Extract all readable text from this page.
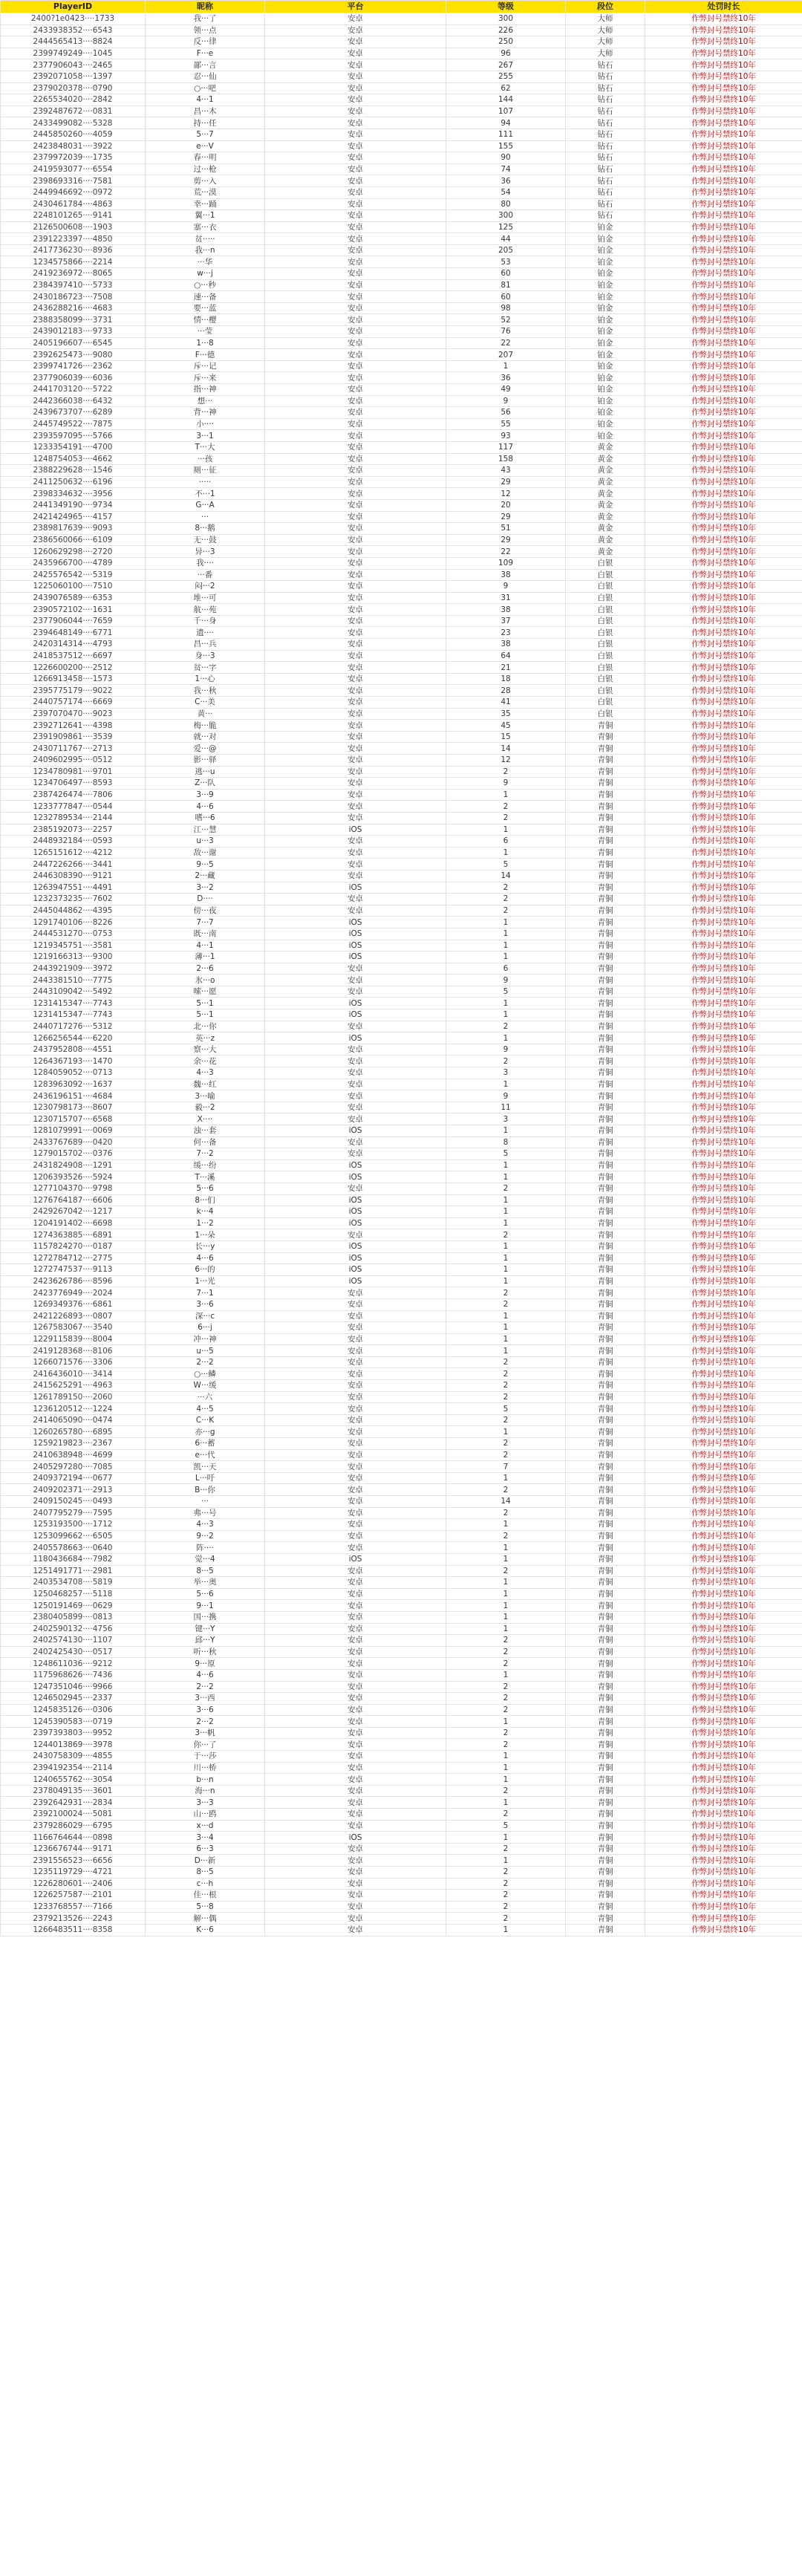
PlayerID	昵称	平台	等级	段位	处罚时长
2400?1e0423····1733	我···了	安卓	300	大师	作弊封号禁终10年
2433938352····6543	领···点	安卓	226	大师	作弊封号禁终10年
2444565413····8824	反···律	安卓	250	大师	作弊封号禁终10年
2399749249····1045	F···e	安卓	96	大师	作弊封号禁终10年
2377906043····2465	鄙···言	安卓	267	钻石	作弊封号禁终10年
2392071058····1397	忍···仙	安卓	255	钻石	作弊封号禁终10年
2379020378····0790	○···吧	安卓	62	钻石	作弊封号禁终10年
2265534020····2842	4···1	安卓	144	钻石	作弊封号禁终10年
2392487672····0831	昌···木	安卓	107	钻石	作弊封号禁终10年
2433499082····5328	持···任	安卓	94	钻石	作弊封号禁终10年
2445850260····4059	5···7	安卓	111	钻石	作弊封号禁终10年
2423848031····3922	e···V	安卓	155	钻石	作弊封号禁终10年
2379972039····1735	春···明	安卓	90	钻石	作弊封号禁终10年
2419593077····6554	过···枪	安卓	74	钻石	作弊封号禁终10年
2398693316····7581	剪···入	安卓	36	钻石	作弊封号禁终10年
2449946692····0972	荒···漠	安卓	54	钻石	作弊封号禁终10年
2430461784····4863	幸···踊	安卓	80	钻石	作弊封号禁终10年
2248101265····9141	翼···1	安卓	300	钻石	作弊封号禁终10年
2126500608····1903	塞···衣	安卓	125	铂金	作弊封号禁终10年
2391223397····4850	贫·····	安卓	44	铂金	作弊封号禁终10年
2417736230····8936	我···n	安卓	205	铂金	作弊封号禁终10年
1234575866····2214	···华	安卓	53	铂金	作弊封号禁终10年
2419236972····8065	w···j	安卓	60	铂金	作弊封号禁终10年
2384397410····5733	○···秒	安卓	81	铂金	作弊封号禁终10年
2430186723····7508	速···备	安卓	60	铂金	作弊封号禁终10年
2436288216····4683	要···蓝	安卓	98	铂金	作弊封号禁终10年
2388358099····3731	情···樱	安卓	52	铂金	作弊封号禁终10年
2439012183····9733	···莹	安卓	76	铂金	作弊封号禁终10年
2405196607····6545	1···8	安卓	22	铂金	作弊封号禁终10年
2392625473····9080	F···德	安卓	207	铂金	作弊封号禁终10年
2399741726····2362	斥···记	安卓	1	铂金	作弊封号禁终10年
2377906039····6036	斥···来	安卓	36	铂金	作弊封号禁终10年
2441703120····5722	指···神	安卓	49	铂金	作弊封号禁终10年
2442366038····6432	想···	安卓	9	铂金	作弊封号禁终10年
2439673707····6289	背···神	安卓	56	铂金	作弊封号禁终10年
2445749522····7875	小····	安卓	55	铂金	作弊封号禁终10年
2393597095····5766	3···1	安卓	93	铂金	作弊封号禁终10年
1233354191····4700	T···大	安卓	117	黄金	作弊封号禁终10年
1248754053····4662	···孩	安卓	158	黄金	作弊封号禁终10年
2388229628····1546	厕···征	安卓	43	黄金	作弊封号禁终10年
2411250632····6196	·····	安卓	29	黄金	作弊封号禁终10年
2398334632····3956	不···1	安卓	12	黄金	作弊封号禁终10年
2441349190····9734	G···A	安卓	20	黄金	作弊封号禁终10年
2421424965····4157	···	安卓	29	黄金	作弊封号禁终10年
2389817639····9093	8···鹅	安卓	51	黄金	作弊封号禁终10年
2386560066····6109	无···鼓	安卓	29	黄金	作弊封号禁终10年
1260629298····2720	异···3	安卓	22	黄金	作弊封号禁终10年
2435966700····4789	我····	安卓	109	白银	作弊封号禁终10年
2425576542····5319	···番	安卓	38	白银	作弊封号禁终10年
1225060100····7510	闷···2	安卓	9	白银	作弊封号禁终10年
2439076589····6353	堆···可	安卓	31	白银	作弊封号禁终10年
2390572102····1631	航···苑	安卓	38	白银	作弊封号禁终10年
2377906044····7659	千···身	安卓	37	白银	作弊封号禁终10年
2394648149····6771	遗····	安卓	23	白银	作弊封号禁终10年
2420314314····4793	昌···兵	安卓	38	白银	作弊封号禁终10年
2418537512····6697	身···3	安卓	64	白银	作弊封号禁终10年
1226600200····2512	贫···字	安卓	21	白银	作弊封号禁终10年
1266913458····1573	1···心	安卓	18	白银	作弊封号禁终10年
2395775179····9022	我···秋	安卓	28	白银	作弊封号禁终10年
2440757174····6669	C···美	安卓	41	白银	作弊封号禁终10年
2397070470····9023	黄···	安卓	35	白银	作弊封号禁终10年
2392712641····4398	梅···脆	安卓	45	青铜	作弊封号禁终10年
2391909861····3539	就···对	安卓	15	青铜	作弊封号禁终10年
2430711767····2713	爱···@	安卓	14	青铜	作弊封号禁终10年
2409602995····0512	影···驿	安卓	12	青铜	作弊封号禁终10年
1234780981····9701	逃···u	安卓	2	青铜	作弊封号禁终10年
1234706497····8593	Z···队	安卓	9	青铜	作弊封号禁终10年
2387426474····7806	3···9	安卓	1	青铜	作弊封号禁终10年
1233777847····0544	4···6	安卓	2	青铜	作弊封号禁终10年
1232789534····2144	嗜···6	安卓	2	青铜	作弊封号禁终10年
2385192073····2257	江···慧	iOS	1	青铜	作弊封号禁终10年
2448932184····0593	u···3	安卓	6	青铜	作弊封号禁终10年
1265151612····4212	敌···谢	安卓	1	青铜	作弊封号禁终10年
2447226266····3441	9···5	安卓	5	青铜	作弊封号禁终10年
2446308390····9121	2···藏	安卓	14	青铜	作弊封号禁终10年
1263947551····4491	3···2	iOS	2	青铜	作弊封号禁终10年
1232373235····7602	D····	安卓	2	青铜	作弊封号禁终10年
2445044862····4395	傍···夜	安卓	2	青铜	作弊封号禁终10年
1291740106····8226	7···7	iOS	1	青铜	作弊封号禁终10年
2444531270····0753	既···南	iOS	1	青铜	作弊封号禁终10年
1219345751····3581	4···1	iOS	1	青铜	作弊封号禁终10年
1219166313····9300	薄···1	iOS	1	青铜	作弊封号禁终10年
2443921909····3972	2···6	安卓	6	青铜	作弊封号禁终10年
2443381510····7775	氷···o	安卓	9	青铜	作弊封号禁终10年
2443109042····5492	嗦···愿	安卓	5	青铜	作弊封号禁终10年
1231415347····7743	5···1	iOS	1	青铜	作弊封号禁终10年
1231415347····7743	5···1	iOS	1	青铜	作弊封号禁终10年
2440717276····5312	北···你	安卓	2	青铜	作弊封号禁终10年
1266256544····6220	英···z	iOS	1	青铜	作弊封号禁终10年
2437952808····4551	察···大	安卓	9	青铜	作弊封号禁终10年
1264367193····1470	余···花	安卓	2	青铜	作弊封号禁终10年
1284059052····0713	4···3	安卓	3	青铜	作弊封号禁终10年
1283963092····1637	魏···红	安卓	1	青铜	作弊封号禁终10年
2436196151····4684	3···喻	安卓	9	青铜	作弊封号禁终10年
1230798173····8607	毅···2	安卓	11	青铜	作弊封号禁终10年
1230715707····6568	X····	安卓	3	青铜	作弊封号禁终10年
1281079991····0069	浊···套	iOS	1	青铜	作弊封号禁终10年
2433767689····0420	何···备	安卓	8	青铜	作弊封号禁终10年
1279015702····0376	7···2	安卓	5	青铜	作弊封号禁终10年
2431824908····1291	缓···纷	iOS	1	青铜	作弊封号禁终10年
1206393526····5924	T···溪	iOS	1	青铜	作弊封号禁终10年
1277104370····9798	5···6	安卓	2	青铜	作弊封号禁终10年
1276764187····6606	8···们	iOS	1	青铜	作弊封号禁终10年
2429267042····1217	k···4	iOS	1	青铜	作弊封号禁终10年
1204191402····6698	1···2	iOS	1	青铜	作弊封号禁终10年
1274363885····6891	1···朵	安卓	2	青铜	作弊封号禁终10年
1157824270····0187	长···y	iOS	1	青铜	作弊封号禁终10年
1272784712····2775	4···6	iOS	1	青铜	作弊封号禁终10年
1272747537····9113	6···的	iOS	1	青铜	作弊封号禁终10年
2423626786····8596	1···光	iOS	1	青铜	作弊封号禁终10年
2423776949····2024	7···1	安卓	2	青铜	作弊封号禁终10年
1269349376····6861	3···6	安卓	2	青铜	作弊封号禁终10年
2421226893····0807	深···c	安卓	1	青铜	作弊封号禁终10年
1267583067····3540	6···j	安卓	1	青铜	作弊封号禁终10年
1229115839····8004	冲···神	安卓	1	青铜	作弊封号禁终10年
2419128368····8106	u···5	安卓	1	青铜	作弊封号禁终10年
1266071576····3306	2···2	安卓	2	青铜	作弊封号禁终10年
2416436010····3414	○···鳞	安卓	2	青铜	作弊封号禁终10年
2415625291····4963	W···缓	安卓	2	青铜	作弊封号禁终10年
1261789150····2060	···六	安卓	2	青铜	作弊封号禁终10年
1236120512····1224	4···5	安卓	5	青铜	作弊封号禁终10年
2414065090····0474	C···K	安卓	2	青铜	作弊封号禁终10年
1260265780····6895	亦···g	安卓	1	青铜	作弊封号禁终10年
1259219823····2367	6···蓄	安卓	2	青铜	作弊封号禁终10年
2410638948····4699	e···代	安卓	2	青铜	作弊封号禁终10年
2405297280····7085	凯···天	安卓	7	青铜	作弊封号禁终10年
2409372194····0677	L···吁	安卓	1	青铜	作弊封号禁终10年
2409202371····2913	B···你	安卓	2	青铜	作弊封号禁终10年
2409150245····0493	···	安卓	14	青铜	作弊封号禁终10年
2407795279····7595	弗···号	安卓	2	青铜	作弊封号禁终10年
1253193500····1712	4···3	安卓	1	青铜	作弊封号禁终10年
1253099662····6505	9···2	安卓	2	青铜	作弊封号禁终10年
2405578663····0640	阵····	安卓	1	青铜	作弊封号禁终10年
1180436684····7982	觉···4	iOS	1	青铜	作弊封号禁终10年
1251491771····2981	8···5	安卓	2	青铜	作弊封号禁终10年
2403534708····5819	举···奥	安卓	1	青铜	作弊封号禁终10年
1250468257····5118	5···6	安卓	1	青铜	作弊封号禁终10年
1250191469····0629	9···1	安卓	1	青铜	作弊封号禁终10年
2380405899····0813	国···携	安卓	1	青铜	作弊封号禁终10年
2402590132····4756	键···Y	安卓	1	青铜	作弊封号禁终10年
2402574130····1107	邱···Y	安卓	2	青铜	作弊封号禁终10年
2402425430····0517	听···秋	安卓	2	青铜	作弊封号禁终10年
1248611036····9212	9···原	安卓	2	青铜	作弊封号禁终10年
1175968626····7436	4···6	安卓	1	青铜	作弊封号禁终10年
1247351046····9966	2···2	安卓	2	青铜	作弊封号禁终10年
1246502945····2337	3···西	安卓	2	青铜	作弊封号禁终10年
1245835126····0306	3···6	安卓	2	青铜	作弊封号禁终10年
1245390583····0719	2···2	安卓	1	青铜	作弊封号禁终10年
2397393803····9952	3···帆	安卓	2	青铜	作弊封号禁终10年
1244013869····3978	你···了	安卓	2	青铜	作弊封号禁终10年
2430758309····4855	于···莎	安卓	1	青铜	作弊封号禁终10年
2394192354····2114	川···桥	安卓	1	青铜	作弊封号禁终10年
1240655762····3054	b···n	安卓	1	青铜	作弊封号禁终10年
2378049135····3601	海···n	安卓	2	青铜	作弊封号禁终10年
2392642931····2834	3···3	安卓	1	青铜	作弊封号禁终10年
2392100024····5081	山···鸥	安卓	2	青铜	作弊封号禁终10年
2379286029····6795	x···d	安卓	5	青铜	作弊封号禁终10年
1166764644····0898	3···4	iOS	1	青铜	作弊封号禁终10年
1236676744····9171	6···3	安卓	2	青铜	作弊封号禁终10年
2391556523····6656	D···新	安卓	1	青铜	作弊封号禁终10年
1235119729····4721	8···5	安卓	2	青铜	作弊封号禁终10年
1226280601····2406	c···h	安卓	2	青铜	作弊封号禁终10年
1226257587····2101	佳···根	安卓	2	青铜	作弊封号禁终10年
1233768557····7166	5···8	安卓	2	青铜	作弊封号禁终10年
2379213526····2243	解···偶	安卓	2	青铜	作弊封号禁终10年
1266483511····8358	K···6	安卓	1	青铜	作弊封号禁终10年
